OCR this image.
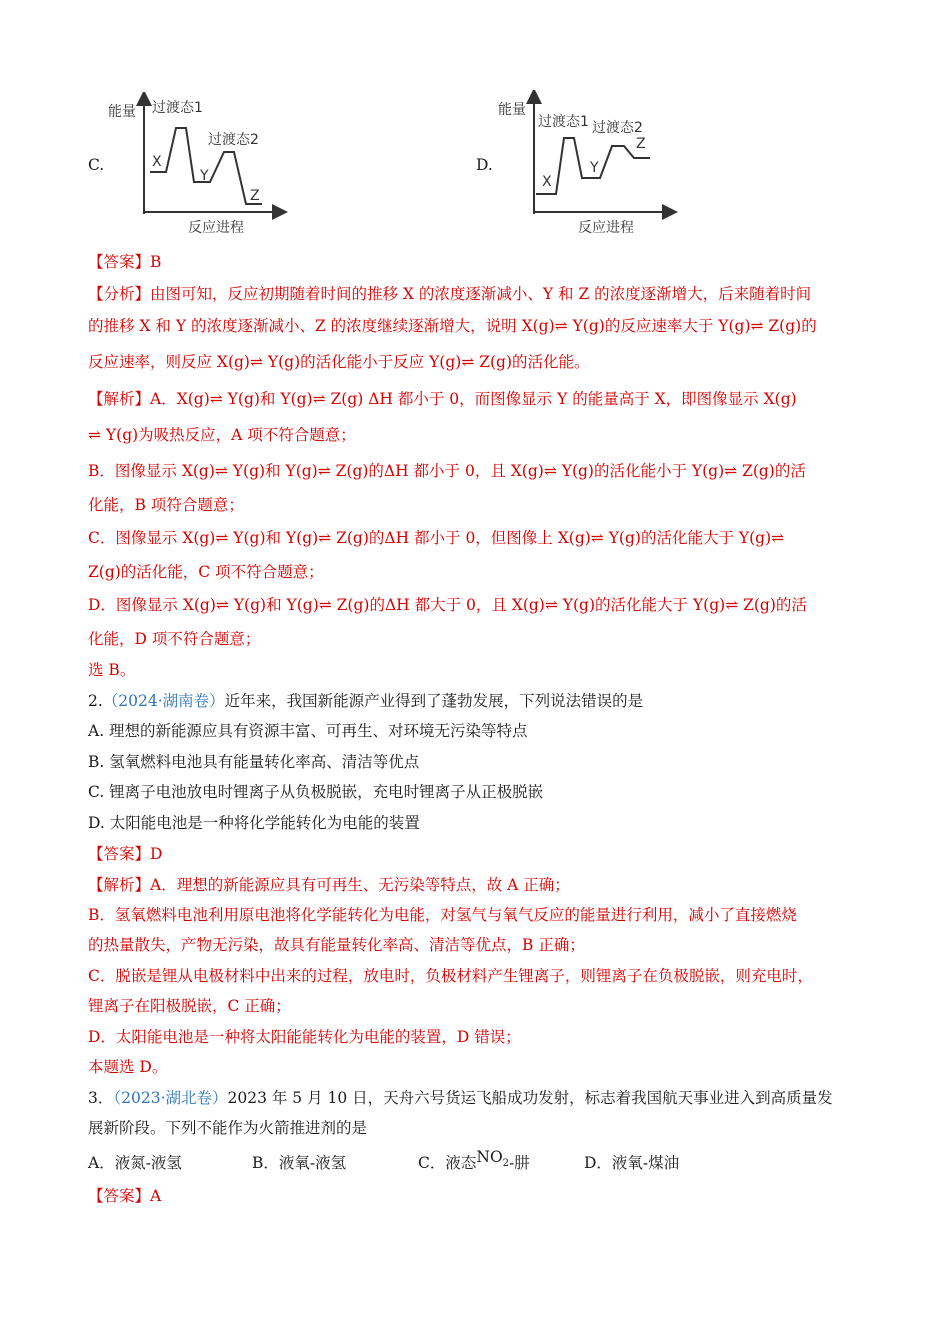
C.
能量
反应进程
过渡态1
过渡态2
X
Y
Z
D.
能量
反应进程
过渡态1 过渡态2
X
Y
Z
【答案】B
【分析】由图可知，反应初期随着时间的推移 X 的浓度逐渐减小、Y 和 Z 的浓度逐渐增大，后来随着时间
的推移 X 和 Y 的浓度逐渐减小、Z 的浓度继续逐渐增大，说明 X(g)⇌ Y(g)的反应速率大于 Y(g)⇌ Z(g)的
反应速率，则反应 X(g)⇌ Y(g)的活化能小于反应 Y(g)⇌ Z(g)的活化能。
【解析】A．X(g)⇌ Y(g)和 Y(g)⇌ Z(g) ΔH 都小于 0，而图像显示 Y 的能量高于 X，即图像显示 X(g)
⇌ Y(g)为吸热反应，A 项不符合题意；
B．图像显示 X(g)⇌ Y(g)和 Y(g)⇌ Z(g)的ΔH 都小于 0，且 X(g)⇌ Y(g)的活化能小于 Y(g)⇌ Z(g)的活
化能，B 项符合题意；
C．图像显示 X(g)⇌ Y(g)和 Y(g)⇌ Z(g)的ΔH 都小于 0，但图像上 X(g)⇌ Y(g)的活化能大于 Y(g)⇌
Z(g)的活化能，C 项不符合题意；
D．图像显示 X(g)⇌ Y(g)和 Y(g)⇌ Z(g)的ΔH 都大于 0，且 X(g)⇌ Y(g)的活化能大于 Y(g)⇌ Z(g)的活
化能，D 项不符合题意；
选 B。
2.（2024·湖南卷）近年来，我国新能源产业得到了蓬勃发展，下列说法错误的是
A. 理想的新能源应具有资源丰富、可再生、对环境无污染等特点
B. 氢氧燃料电池具有能量转化率高、清洁等优点
C. 锂离子电池放电时锂离子从负极脱嵌，充电时锂离子从正极脱嵌
D. 太阳能电池是一种将化学能转化为电能的装置
【答案】D
【解析】A．理想的新能源应具有可再生、无污染等特点，故 A 正确；
B．氢氧燃料电池利用原电池将化学能转化为电能，对氢气与氧气反应的能量进行利用，减小了直接燃烧
的热量散失，产物无污染，故具有能量转化率高、清洁等优点，B 正确；
C．脱嵌是锂从电极材料中出来的过程，放电时，负极材料产生锂离子，则锂离子在负极脱嵌，则充电时，
锂离子在阳极脱嵌，C 正确；
D．太阳能电池是一种将太阳能能转化为电能的装置，D 错误；
本题选 D。
3．（2023·湖北卷）2023 年 5 月 10 日，天舟六号货运飞船成功发射，标志着我国航天事业进入到高质量发
展新阶段。下列不能作为火箭推进剂的是
A．液氮-液氢	B．液氧-液氢	C．液态$NO_2-$肼	D．液氧-煤油
【答案】A
